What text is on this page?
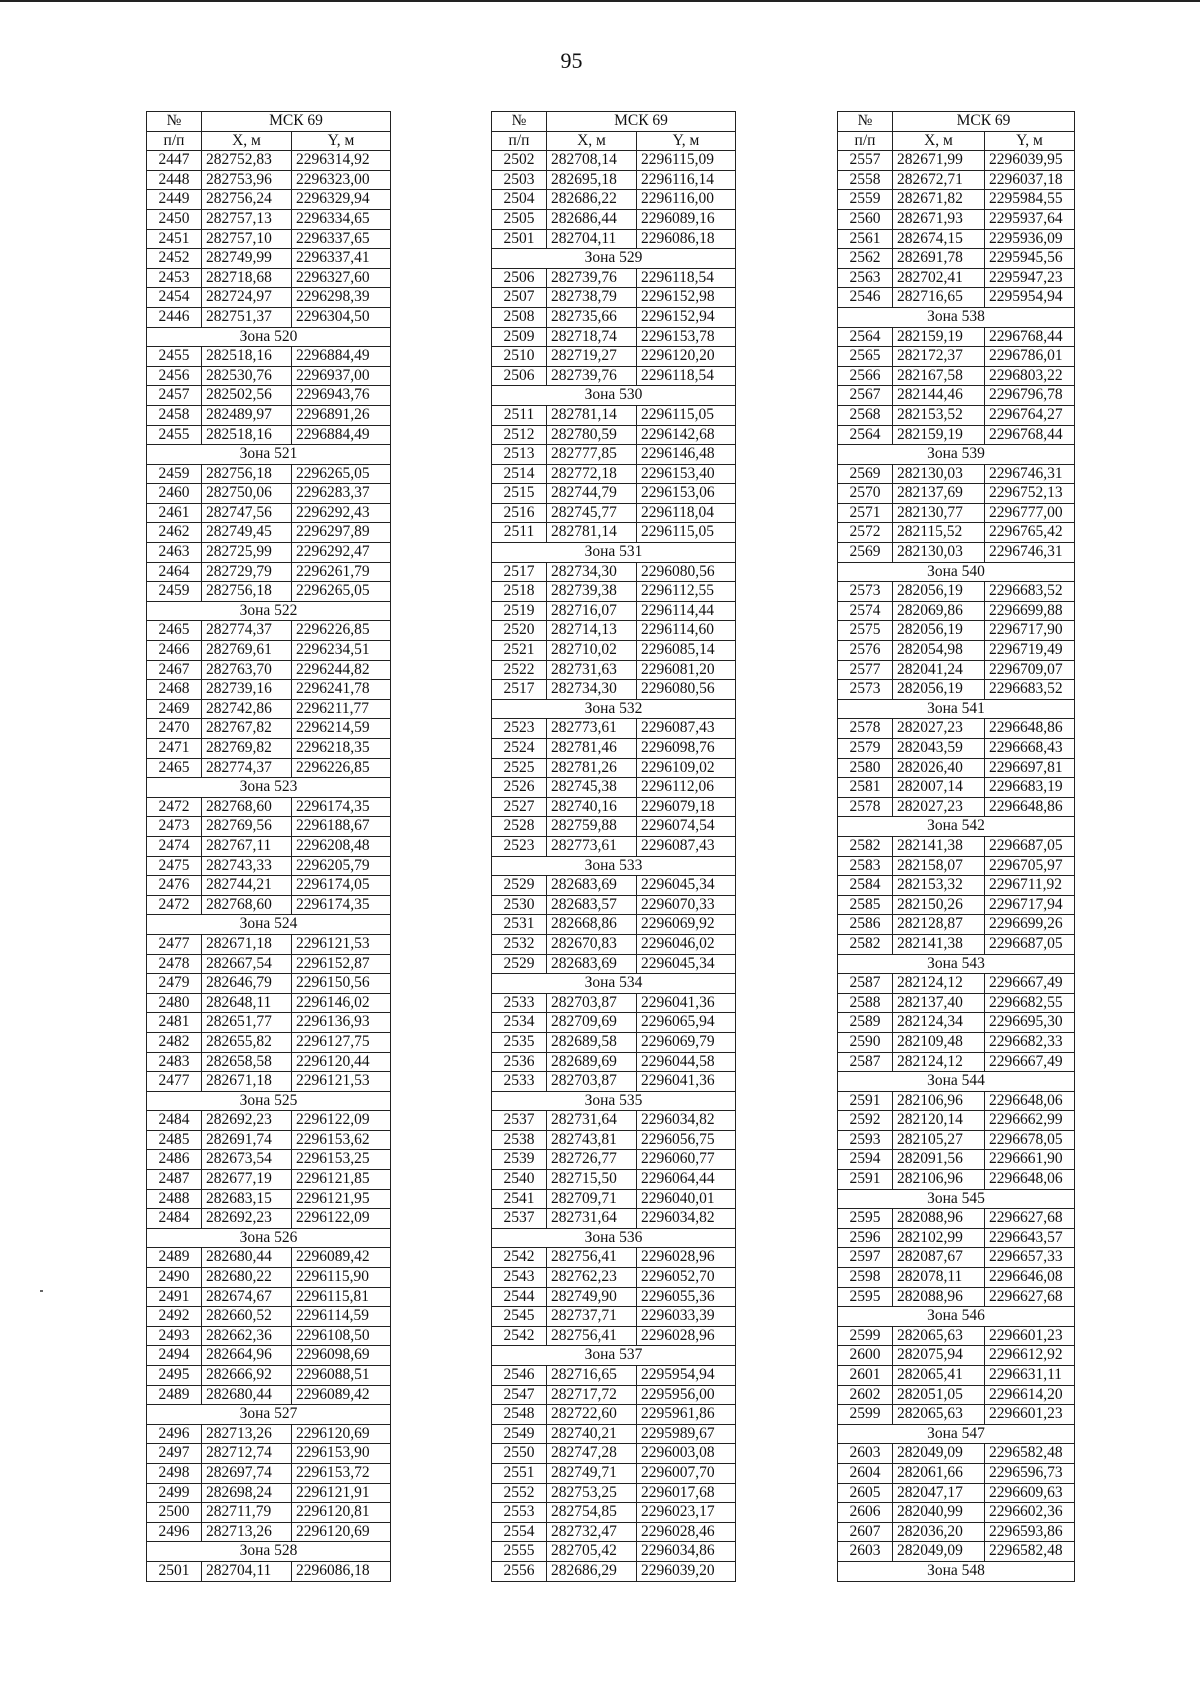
95
№	МСК 69	
п/п	X, м	Y, м
2447	282752,83	2296314,92
2448	282753,96	2296323,00
2449	282756,24	2296329,94
2450	282757,13	2296334,65
2451	282757,10	2296337,65
2452	282749,99	2296337,41
2453	282718,68	2296327,60
2454	282724,97	2296298,39
2446	282751,37	2296304,50
Зона 520		
2455	282518,16	2296884,49
2456	282530,76	2296937,00
2457	282502,56	2296943,76
2458	282489,97	2296891,26
2455	282518,16	2296884,49
Зона 521		
2459	282756,18	2296265,05
2460	282750,06	2296283,37
2461	282747,56	2296292,43
2462	282749,45	2296297,89
2463	282725,99	2296292,47
2464	282729,79	2296261,79
2459	282756,18	2296265,05
Зона 522		
2465	282774,37	2296226,85
2466	282769,61	2296234,51
2467	282763,70	2296244,82
2468	282739,16	2296241,78
2469	282742,86	2296211,77
2470	282767,82	2296214,59
2471	282769,82	2296218,35
2465	282774,37	2296226,85
Зона 523		
2472	282768,60	2296174,35
2473	282769,56	2296188,67
2474	282767,11	2296208,48
2475	282743,33	2296205,79
2476	282744,21	2296174,05
2472	282768,60	2296174,35
Зона 524		
2477	282671,18	2296121,53
2478	282667,54	2296152,87
2479	282646,79	2296150,56
2480	282648,11	2296146,02
2481	282651,77	2296136,93
2482	282655,82	2296127,75
2483	282658,58	2296120,44
2477	282671,18	2296121,53
Зона 525		
2484	282692,23	2296122,09
2485	282691,74	2296153,62
2486	282673,54	2296153,25
2487	282677,19	2296121,85
2488	282683,15	2296121,95
2484	282692,23	2296122,09
Зона 526		
2489	282680,44	2296089,42
2490	282680,22	2296115,90
2491	282674,67	2296115,81
2492	282660,52	2296114,59
2493	282662,36	2296108,50
2494	282664,96	2296098,69
2495	282666,92	2296088,51
2489	282680,44	2296089,42
Зона 527		
2496	282713,26	2296120,69
2497	282712,74	2296153,90
2498	282697,74	2296153,72
2499	282698,24	2296121,91
2500	282711,79	2296120,81
2496	282713,26	2296120,69
Зона 528		
2501	282704,11	2296086,18
№	МСК 69	
п/п	X, м	Y, м
2502	282708,14	2296115,09
2503	282695,18	2296116,14
2504	282686,22	2296116,00
2505	282686,44	2296089,16
2501	282704,11	2296086,18
Зона 529		
2506	282739,76	2296118,54
2507	282738,79	2296152,98
2508	282735,66	2296152,94
2509	282718,74	2296153,78
2510	282719,27	2296120,20
2506	282739,76	2296118,54
Зона 530		
2511	282781,14	2296115,05
2512	282780,59	2296142,68
2513	282777,85	2296146,48
2514	282772,18	2296153,40
2515	282744,79	2296153,06
2516	282745,77	2296118,04
2511	282781,14	2296115,05
Зона 531		
2517	282734,30	2296080,56
2518	282739,38	2296112,55
2519	282716,07	2296114,44
2520	282714,13	2296114,60
2521	282710,02	2296085,14
2522	282731,63	2296081,20
2517	282734,30	2296080,56
Зона 532		
2523	282773,61	2296087,43
2524	282781,46	2296098,76
2525	282781,26	2296109,02
2526	282745,38	2296112,06
2527	282740,16	2296079,18
2528	282759,88	2296074,54
2523	282773,61	2296087,43
Зона 533		
2529	282683,69	2296045,34
2530	282683,57	2296070,33
2531	282668,86	2296069,92
2532	282670,83	2296046,02
2529	282683,69	2296045,34
Зона 534		
2533	282703,87	2296041,36
2534	282709,69	2296065,94
2535	282689,58	2296069,79
2536	282689,69	2296044,58
2533	282703,87	2296041,36
Зона 535		
2537	282731,64	2296034,82
2538	282743,81	2296056,75
2539	282726,77	2296060,77
2540	282715,50	2296064,44
2541	282709,71	2296040,01
2537	282731,64	2296034,82
Зона 536		
2542	282756,41	2296028,96
2543	282762,23	2296052,70
2544	282749,90	2296055,36
2545	282737,71	2296033,39
2542	282756,41	2296028,96
Зона 537		
2546	282716,65	2295954,94
2547	282717,72	2295956,00
2548	282722,60	2295961,86
2549	282740,21	2295989,67
2550	282747,28	2296003,08
2551	282749,71	2296007,70
2552	282753,25	2296017,68
2553	282754,85	2296023,17
2554	282732,47	2296028,46
2555	282705,42	2296034,86
2556	282686,29	2296039,20
№	МСК 69	
п/п	X, м	Y, м
2557	282671,99	2296039,95
2558	282672,71	2296037,18
2559	282671,82	2295984,55
2560	282671,93	2295937,64
2561	282674,15	2295936,09
2562	282691,78	2295945,56
2563	282702,41	2295947,23
2546	282716,65	2295954,94
Зона 538		
2564	282159,19	2296768,44
2565	282172,37	2296786,01
2566	282167,58	2296803,22
2567	282144,46	2296796,78
2568	282153,52	2296764,27
2564	282159,19	2296768,44
Зона 539		
2569	282130,03	2296746,31
2570	282137,69	2296752,13
2571	282130,77	2296777,00
2572	282115,52	2296765,42
2569	282130,03	2296746,31
Зона 540		
2573	282056,19	2296683,52
2574	282069,86	2296699,88
2575	282056,19	2296717,90
2576	282054,98	2296719,49
2577	282041,24	2296709,07
2573	282056,19	2296683,52
Зона 541		
2578	282027,23	2296648,86
2579	282043,59	2296668,43
2580	282026,40	2296697,81
2581	282007,14	2296683,19
2578	282027,23	2296648,86
Зона 542		
2582	282141,38	2296687,05
2583	282158,07	2296705,97
2584	282153,32	2296711,92
2585	282150,26	2296717,94
2586	282128,87	2296699,26
2582	282141,38	2296687,05
Зона 543		
2587	282124,12	2296667,49
2588	282137,40	2296682,55
2589	282124,34	2296695,30
2590	282109,48	2296682,33
2587	282124,12	2296667,49
Зона 544		
2591	282106,96	2296648,06
2592	282120,14	2296662,99
2593	282105,27	2296678,05
2594	282091,56	2296661,90
2591	282106,96	2296648,06
Зона 545		
2595	282088,96	2296627,68
2596	282102,99	2296643,57
2597	282087,67	2296657,33
2598	282078,11	2296646,08
2595	282088,96	2296627,68
Зона 546		
2599	282065,63	2296601,23
2600	282075,94	2296612,92
2601	282065,41	2296631,11
2602	282051,05	2296614,20
2599	282065,63	2296601,23
Зона 547		
2603	282049,09	2296582,48
2604	282061,66	2296596,73
2605	282047,17	2296609,63
2606	282040,99	2296602,36
2607	282036,20	2296593,86
2603	282049,09	2296582,48
Зона 548		
